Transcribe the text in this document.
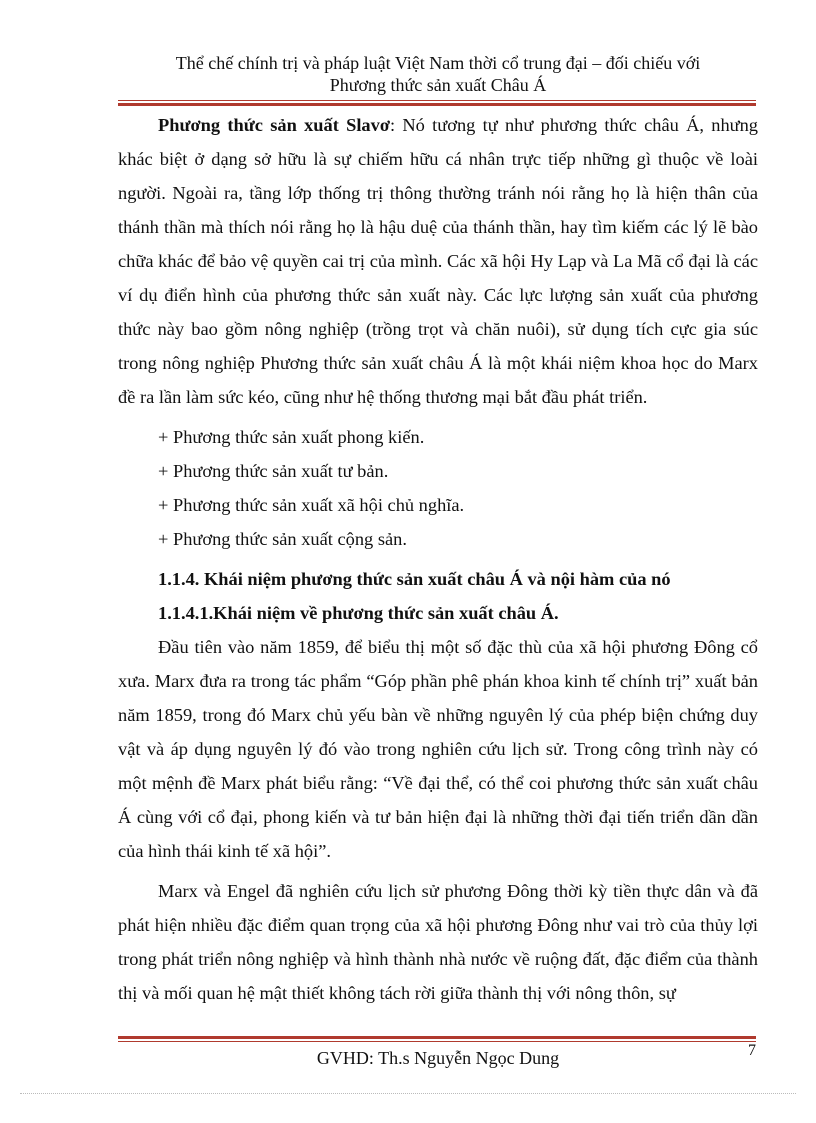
Thể chế chính trị và pháp luật Việt Nam thời cổ trung đại – đối chiếu với
Phương thức sản xuất Châu Á

Phương thức sản xuất Slavơ: Nó tương tự như phương thức châu Á, nhưng khác biệt ở dạng sở hữu là sự chiếm hữu cá nhân trực tiếp những gì thuộc về loài người. Ngoài ra, tầng lớp thống trị thông thường tránh nói rằng họ là hiện thân của thánh thần mà thích nói rằng họ là hậu duệ của thánh thần, hay tìm kiếm các lý lẽ bào chữa khác để bảo vệ quyền cai trị của mình. Các xã hội Hy Lạp và La Mã cổ đại là các ví dụ điển hình của phương thức sản xuất này. Các lực lượng sản xuất của phương thức này bao gồm nông nghiệp (trồng trọt và chăn nuôi), sử dụng tích cực gia súc trong nông nghiệp Phương thức sản xuất châu Á là một khái niệm khoa học do Marx đề ra lần làm sức kéo, cũng như hệ thống thương mại bắt đầu phát triển.

+ Phương thức sản xuất phong kiến.

+ Phương thức sản xuất tư bản.

+ Phương thức sản xuất xã hội chủ nghĩa.

+ Phương thức sản xuất cộng sản.

1.1.4. Khái niệm phương thức sản xuất châu Á và nội hàm của nó

1.1.4.1.Khái niệm về phương thức sản xuất châu Á.

Đầu tiên vào năm 1859, để biểu thị một số đặc thù của xã hội phương Đông cổ xưa. Marx đưa ra trong tác phẩm “Góp phần phê phán khoa kinh tế chính trị” xuất bản năm 1859, trong đó Marx chủ yếu bàn về những nguyên lý của phép biện chứng duy vật và áp dụng nguyên lý đó vào trong nghiên cứu lịch sử. Trong công trình này có một mệnh đề Marx phát biểu rằng: “Về đại thể, có thể coi phương thức sản xuất châu Á cùng với cổ đại, phong kiến và tư bản hiện đại là những thời đại tiến triển dần dần của hình thái kinh tế xã hội”.

Marx và Engel đã nghiên cứu lịch sử phương Đông thời kỳ tiền thực dân và đã phát hiện nhiều đặc điểm quan trọng của xã hội phương Đông như vai trò của thủy lợi trong phát triển nông nghiệp và hình thành nhà nước về ruộng đất, đặc điểm của thành thị và mối quan hệ mật thiết không tách rời giữa thành thị với nông thôn, sự

7
GVHD: Th.s Nguyễn Ngọc Dung
